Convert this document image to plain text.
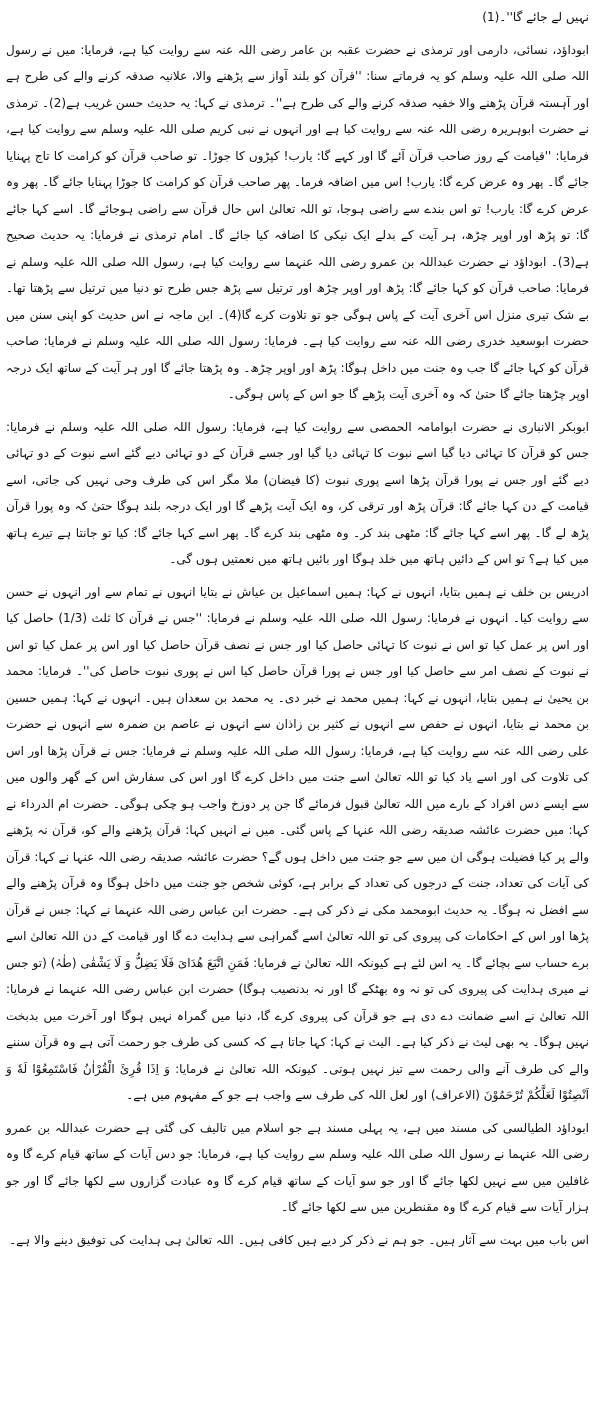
نہیں لے جائے گا''۔(1)

ابوداؤد، نسائی، دارمی اور ترمذی نے حضرت عقبہ بن عامر رضی اللہ عنہ سے روایت کیا ہے، فرمایا: میں نے رسول اللہ صلی اللہ علیہ وسلم کو یہ فرماتے سنا: ''قرآن کو بلند آواز سے پڑھنے والا، علانیہ صدقہ کرنے والے کی طرح ہے اور آہستہ قرآن پڑھنے والا خفیہ صدقہ کرنے والے کی طرح ہے''۔ ترمذی نے کہا: یہ حدیث حسن غریب ہے(2)۔ ترمذی نے حضرت ابوہریرہ رضی اللہ عنہ سے روایت کیا ہے اور انہوں نے نبی کریم صلی اللہ علیہ وسلم سے روایت کیا ہے، فرمایا: ''قیامت کے روز صاحب قرآن آئے گا اور کہے گا: یارب! کپڑوں کا جوڑا۔ تو صاحب قرآن کو کرامت کا تاج پہنایا جائے گا۔ پھر وہ عرض کرے گا: یارب! اس میں اضافہ فرما۔ پھر صاحب قرآن کو کرامت کا جوڑا پہنایا جائے گا۔ پھر وہ عرض کرے گا: یارب! تو اس بندے سے راضی ہوجا، تو اللہ تعالیٰ اس حال قرآن سے راضی ہوجائے گا۔ اسے کہا جائے گا: تو پڑھ اور اوپر چڑھ، ہر آیت کے بدلے ایک نیکی کا اضافہ کیا جائے گا۔ امام ترمذی نے فرمایا: یہ حدیث صحیح ہے(3)۔ ابوداؤد نے حضرت عبداللہ بن عمرو رضی اللہ عنہما سے روایت کیا ہے، رسول اللہ صلی اللہ علیہ وسلم نے فرمایا: صاحب قرآن کو کہا جائے گا: پڑھ اور اوپر چڑھ اور ترتیل سے پڑھ جس طرح تو دنیا میں ترتیل سے پڑھتا تھا۔ بے شک تیری منزل اس آخری آیت کے پاس ہوگی جو تو تلاوت کرے گا(4)۔ ابن ماجہ نے اس حدیث کو اپنی سنن میں حضرت ابوسعید خدری رضی اللہ عنہ سے روایت کیا ہے۔ فرمایا: رسول اللہ صلی اللہ علیہ وسلم نے فرمایا: صاحب قرآن کو کہا جائے گا جب وہ جنت میں داخل ہوگا: پڑھ اور اوپر چڑھ۔ وہ پڑھتا جائے گا اور ہر آیت کے ساتھ ایک درجہ اوپر چڑھتا جائے گا حتیٰ کہ وہ آخری آیت پڑھے گا جو اس کے پاس ہوگی۔

ابوبکر الانباری نے حضرت ابوامامہ الحمصی سے روایت کیا ہے، فرمایا: رسول اللہ صلی اللہ علیہ وسلم نے فرمایا: جس کو قرآن کا تہائی دیا گیا اسے نبوت کا تہائی دیا گیا اور جسے قرآن کے دو تہائی دیے گئے اسے نبوت کے دو تہائی دیے گئے اور جس نے پورا قرآن پڑھا اسے پوری نبوت (کا فیضان) ملا مگر اس کی طرف وحی نہیں کی جاتی، اسے قیامت کے دن کہا جائے گا: قرآن پڑھ اور ترقی کر، وہ ایک آیت پڑھے گا اور ایک درجہ بلند ہوگا حتیٰ کہ وہ پورا قرآن پڑھ لے گا۔ پھر اسے کہا جائے گا: مٹھی بند کر۔ وہ مٹھی بند کرے گا۔ پھر اسے کہا جائے گا: کیا تو جانتا ہے تیرے ہاتھ میں کیا ہے؟ تو اس کے دائیں ہاتھ میں خلد ہوگا اور بائیں ہاتھ میں نعمتیں ہوں گی۔

ادریس بن خلف نے ہمیں بتایا، انہوں نے کہا: ہمیں اسماعیل بن عیاش نے بتایا انہوں نے تمام سے اور انہوں نے حسن سے روایت کیا۔ انہوں نے فرمایا: رسول اللہ صلی اللہ علیہ وسلم نے فرمایا: ''جس نے قرآن کا ثلث (1/3) حاصل کیا اور اس پر عمل کیا تو اس نے نبوت کا تہائی حاصل کیا اور جس نے نصف قرآن حاصل کیا اور اس پر عمل کیا تو اس نے نبوت کے نصف امر سے حاصل کیا اور جس نے پورا قرآن حاصل کیا اس نے پوری نبوت حاصل کی''۔ فرمایا: محمد بن یحییٰ نے ہمیں بتایا، انہوں نے کہا: ہمیں محمد نے خبر دی۔ یہ محمد بن سعدان ہیں۔ انہوں نے کہا: ہمیں حسین بن محمد نے بتایا، انہوں نے حفص سے انہوں نے کثیر بن زاذان سے انہوں نے عاصم بن ضمرہ سے انہوں نے حضرت علی رضی اللہ عنہ سے روایت کیا ہے، فرمایا: رسول اللہ صلی اللہ علیہ وسلم نے فرمایا: جس نے قرآن پڑھا اور اس کی تلاوت کی اور اسے یاد کیا تو اللہ تعالیٰ اسے جنت میں داخل کرے گا اور اس کی سفارش اس کے گھر والوں میں سے ایسے دس افراد کے بارے میں اللہ تعالیٰ قبول فرمائے گا جن پر دوزخ واجب ہو چکی ہوگی۔ حضرت ام الدرداء نے کہا: میں حضرت عائشہ صدیقہ رضی اللہ عنہا کے پاس گئی۔ میں نے انہیں کہا: قرآن پڑھنے والے کو، قرآن نہ پڑھنے والے پر کیا فضیلت ہوگی ان میں سے جو جنت میں داخل ہوں گے؟ حضرت عائشہ صدیقہ رضی اللہ عنہا نے کہا: قرآن کی آیات کی تعداد، جنت کے درجوں کی تعداد کے برابر ہے، کوئی شخص جو جنت میں داخل ہوگا وہ قرآن پڑھنے والے سے افضل نہ ہوگا۔ یہ حدیث ابومحمد مکی نے ذکر کی ہے۔ حضرت ابن عباس رضی اللہ عنہما نے کہا: جس نے قرآن پڑھا اور اس کے احکامات کی پیروی کی تو اللہ تعالیٰ اسے گمراہی سے ہدایت دے گا اور قیامت کے دن اللہ تعالیٰ اسے برے حساب سے بچائے گا۔ یہ اس لئے ہے کیونکہ اللہ تعالیٰ نے فرمایا: فَمَنِ اتَّبَعَ هُدَایَ فَلَا یَضِلُّ وَ لَا یَشْقٰی (طٰہٰ) (تو جس نے میری ہدایت کی پیروی کی تو نہ وہ بھٹکے گا اور نہ بدنصیب ہوگا) حضرت ابن عباس رضی اللہ عنہما نے فرمایا: اللہ تعالیٰ نے اسے ضمانت دے دی ہے جو قرآن کی پیروی کرے گا، دنیا میں گمراہ نہیں ہوگا اور آخرت میں بدبخت نہیں ہوگا۔ یہ بھی لیث نے ذکر کیا ہے۔ الیث نے کہا: کہا جاتا ہے کہ کسی کی طرف جو رحمت آتی ہے وہ قرآن سننے والے کی طرف آنے والی رحمت سے تیز نہیں ہوتی۔ کیونکہ اللہ تعالیٰ نے فرمایا: وَ اِذَا قُرِئَ الْقُرْاٰنُ فَاسْتَمِعُوْا لَهٗ وَ اَنْصِتُوْا لَعَلَّكُمْ تُرْحَمُوْنَ (الاعراف) اور لعل اللہ کی طرف سے واجب ہے جو کے مفہوم میں ہے۔

ابوداؤد الطیالسی کی مسند میں ہے، یہ پہلی مسند ہے جو اسلام میں تالیف کی گئی ہے حضرت عبداللہ بن عمرو رضی اللہ عنہما نے رسول اللہ صلی اللہ علیہ وسلم سے روایت کیا ہے، فرمایا: جو دس آیات کے ساتھ قیام کرے گا وہ غافلین میں سے نہیں لکھا جائے گا اور جو سو آیات کے ساتھ قیام کرے گا وہ عبادت گزاروں سے لکھا جائے گا اور جو ہزار آیات سے قیام کرے گا وہ مقنطرین میں سے لکھا جائے گا۔

اس باب میں بہت سے آثار ہیں۔ جو ہم نے ذکر کر دیے ہیں کافی ہیں۔ اللہ تعالیٰ ہی ہدایت کی توفیق دینے والا ہے۔
